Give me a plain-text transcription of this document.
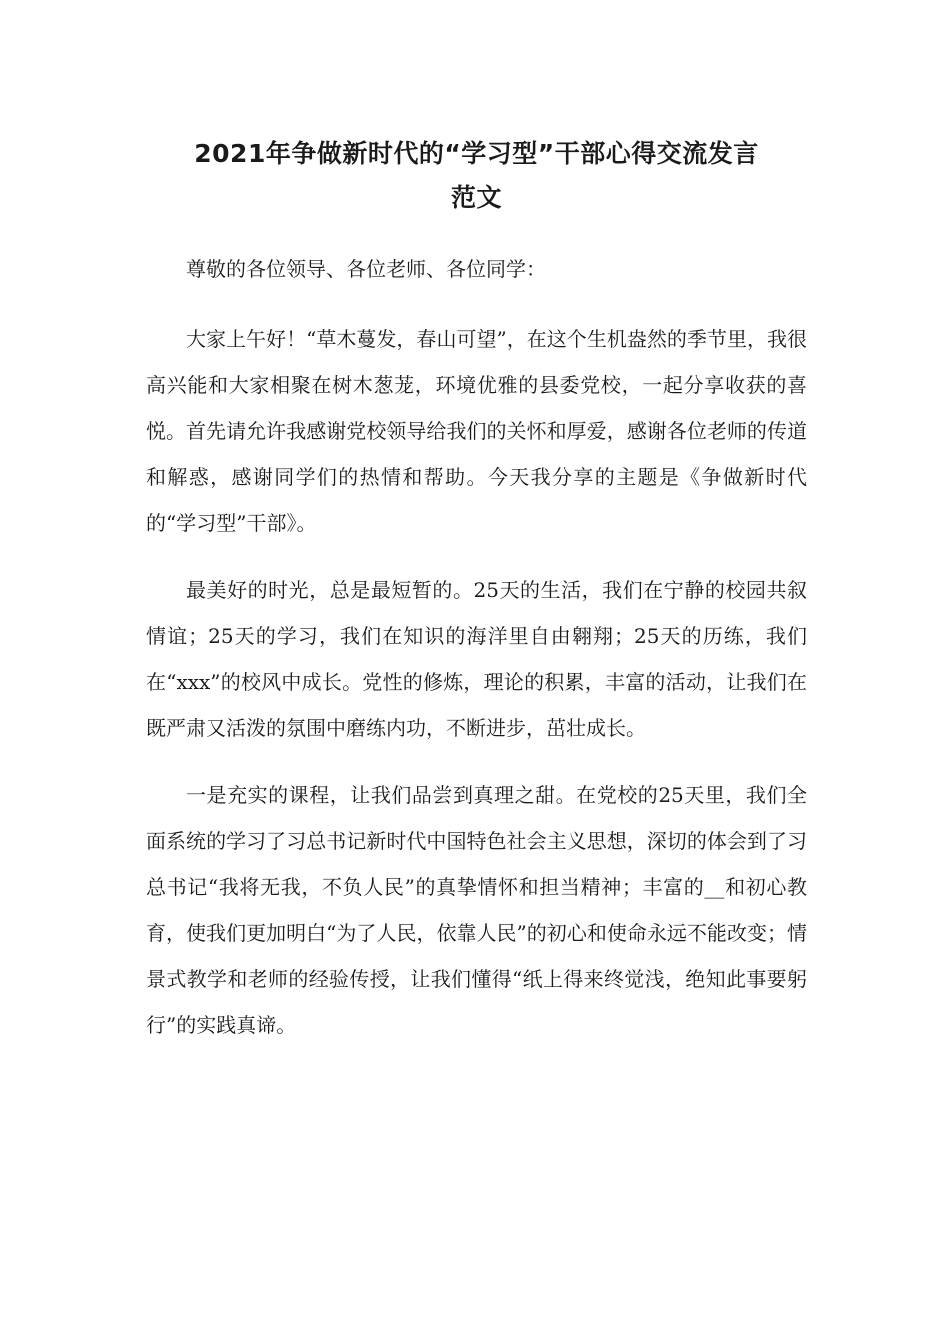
2021年争做新时代的“学习型”干部心得交流发言
范文

尊敬的各位领导、各位老师、各位同学：

大家上午好！“草木蔓发，春山可望”，在这个生机盎然的季节里，我很高兴能和大家相聚在树木葱茏，环境优雅的县委党校，一起分享收获的喜悦。首先请允许我感谢党校领导给我们的关怀和厚爱，感谢各位老师的传道和解惑，感谢同学们的热情和帮助。今天我分享的主题是《争做新时代的“学习型”干部》。

最美好的时光，总是最短暂的。25天的生活，我们在宁静的校园共叙情谊；25天的学习，我们在知识的海洋里自由翱翔；25天的历练，我们在“xxx”的校风中成长。党性的修炼，理论的积累，丰富的活动，让我们在既严肃又活泼的氛围中磨练内功，不断进步，茁壮成长。

一是充实的课程，让我们品尝到真理之甜。在党校的25天里，我们全面系统的学习了习总书记新时代中国特色社会主义思想，深切的体会到了习总书记“我将无我，不负人民”的真挚情怀和担当精神；丰富的__和初心教育，使我们更加明白“为了人民，依靠人民”的初心和使命永远不能改变；情景式教学和老师的经验传授，让我们懂得“纸上得来终觉浅，绝知此事要躬行”的实践真谛。
